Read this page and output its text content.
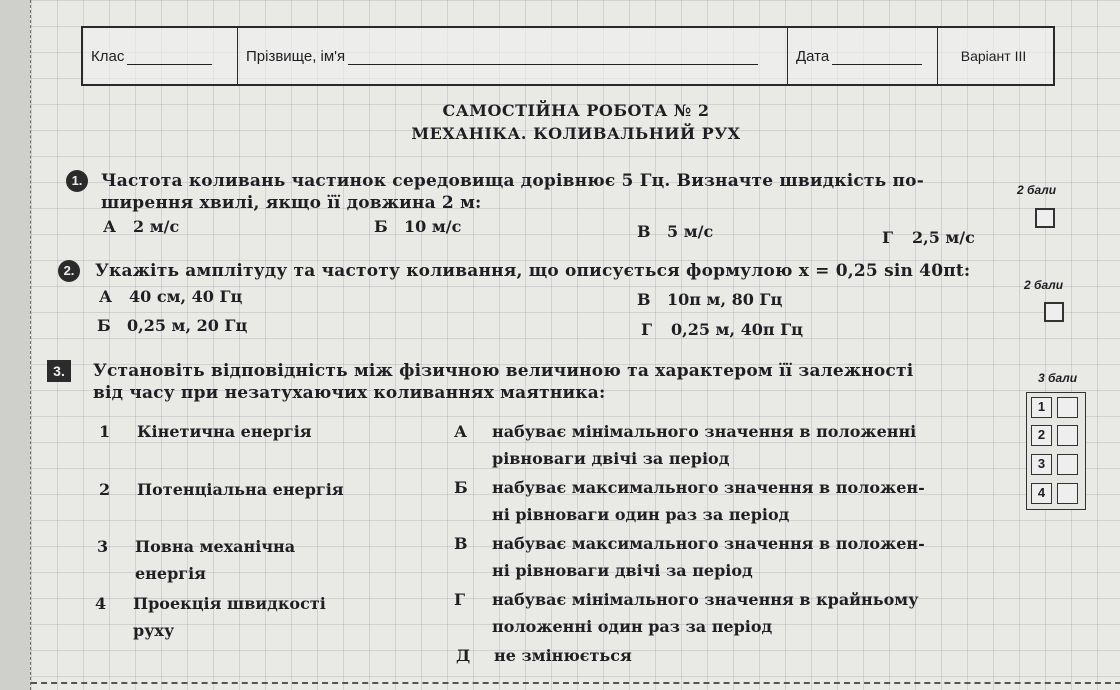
Клас	Прізвище, ім'я	Дата	Варіант III
САМОСТІЙНА РОБОТА № 2
МЕХАНІКА. КОЛИВАЛЬНИЙ РУХ
1.	Частота коливань частинок середовища дорівнює 5 Гц. Визначте швидкість по-
ширення хвилі, якщо її довжина 2 м:
2 бали
А 2 м/с	Б 10 м/с	В 5 м/с	Г 2,5 м/с
2.	Укажіть амплітуду та частоту коливання, що описується формулою x = 0,25 sin 40πt:
2 бали
А 40 см, 40 Гц	В 10π м, 80 Гц
Б 0,25 м, 20 Гц	Г 0,25 м, 40π Гц
3.	Установіть відповідність між фізичною величиною та характером її залежності
від часу при незатухаючих коливаннях маятника:
3 бали
1
2
3
4
1 Кінетична енергія
2 Потенціальна енергія
3 Повна механічна
енергія
4 Проекція швидкості
руху
А набуває мінімального значення в положенні
рівноваги двічі за період
Б набуває максимального значення в положен-
ні рівноваги один раз за період
В набуває максимального значення в положен-
ні рівноваги двічі за період
Г набуває мінімального значення в крайньому
положенні один раз за період
Д не змінюється
